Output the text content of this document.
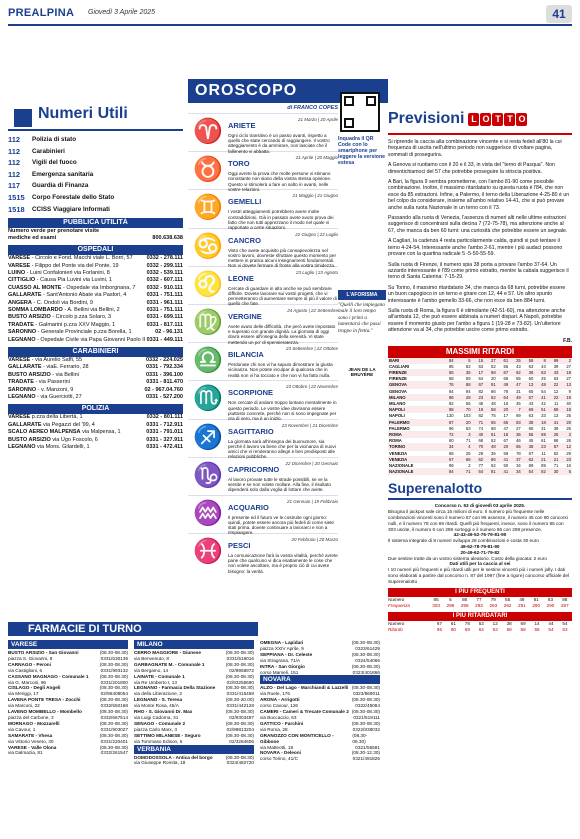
PREALPINA Giovedì 3 Aprile 2025	41
OROSCOPO
Numeri Utili
112	Polizia di stato
112	Carabinieri
112	Vigili del fuoco
112	Emergenza sanitaria
117	Guardia di Finanza
1515	Corpo Forestale dello Stato
1518	CCISS Viaggiare Informati
PUBBLICA UTILITÀ
Numero verde per prenotare visite mediche ed esami	800.638.638
OSPEDALI
VARESE - Circolo e Fond. Macchi viale L. Borri, 57	0332 - 278.111
VARESE - Filippo del Ponte via del Ponte, 19	0332 - 299.111
LUINO - Luini Confalonieri via Forlanini, 8	0332 - 539.111
CITTIGLIO - Causa Pia Luvini via Luvini, 1	0332 - 607.111
CUASSO AL MONTE - Ospedale via Imborgnana, 7 0332 - 910.111
GALLARATE - Sant'Antonio Abate via Pastori, 4	0331 - 751.111
ANGERA - C. Ondoli via Bordini, 9	0331 - 961.111
SOMMA LOMBARDO - A. Bellini via Bellini, 2	0331 - 751.111
BUSTO ARSIZIO - Circolo p.zza Solaro, 3	0331 - 699.111
TRADATE - Galmarini p.zza XXV Maggio, 1	0331 - 817.111
SARONNO - Generale Provinciale p.zza Borella, 1	02 - 96.131
LEGNANO - Ospedale Civile via Papa Giovanni Paolo II 0331 - 449.111
CARABINIERI
VARESE - via Aurelio Saffi, 55	0332 - 224.025
GALLARATE - viaE. Ferrario, 28	0331 - 792.334
BUSTO ARSIZIO - via Bellini	0331 - 396.100
TRADATE - via Passerini	0331 - 811.470
SARONNO - v. Manzoni, 9	02 - 967.04.760
LEGNANO - via Guerciotti, 27	0331 - 527.200
POLIZIA
VARESE p.zza della Libertà, 1	0332 - 801.111
GALLARATE via Pegazzi del '99, 4	0331 - 712.911
SCALO AEREO MALPENSA via Malpensa, 1	0331 - 791.011
BUSTO ARSIZIO via Ugo Foscolo, 6	0331 - 327.911
LEGNANO via Mons. Gilardelli, 1	0331 - 472.411
di FRANCO COPES
♈ ARIETE
21 Marzo | 20 Aprile
Ogni ciclo transitivo è un passo avanti, rispetto a quello che state cercando di raggiungere. Il vostro atteggiamento è da ammirare, non lasciate che il fallimento vi abbatta.
♉ TORO
21 Aprile | 20 Maggio
Oggi avrete la prova che molte persone vi stimano nonostante non siano della vostra stessa opinione. Questo vi stimolerà a fare un salto in avanti, nelle vostre relazioni.
♊ GEMELLI
21 Maggio | 21 Giugno
I vostri atteggiamenti potrebbero avere molte contraddizioni. Già in passato avete avuto prova dei fatto che non tutti apprezzano il modo nel quale vi rapportate a certe situazioni.
♋ CANCRO
22 Giugno | 22 Luglio
Visto che avete acquisito più consapevolezza nel vostro lavoro, dovreste sfruttare questo momento per mettere in pratica alcuni insegnamenti fondamentali. Non vi dovete fermare di fronte alla vostra timidezza.
♌ LEONE
23 Luglio | 23 Agosto
Cercate di guardare in alto anche se può sembrare difficile. Dovete lavorare sui vostri progetti, che vi permetteranno di aumentare sempre di più il valore di quello che fate.
♍ VERGINE
24 Agosto | 22 Settembre
Avete avuto delle difficoltà, che però avete impostato e superato con grande dignità. La giornata di oggi dovrà essere all'insegna della serenità. Vi state mettendo un po' di spensieratezza.
♎ BILANCIA
23 Settembre | 22 Ottobre
Perdonate chi non vi ha saputo dimostrare la giusta vicinanza. Non potete inculpar di qualcosa che in realtà non vi ha toccato e che non vi ha fatto nulla.
♏ SCORPIONE
23 Ottobre | 22 Novembre
Non cercate di andare troppo lontano mentalmente in questo periodo. Le vostre idee dovranno essere piuttosto concrete, perché non si sono impegnate per ora di vero, ma è un inizio.
♐ SAGITTARIO
23 Novembre | 21 Dicembre
La giornata sarà all'insegna dei buonumore, sia perché il lavoro va bene che per la vicinanza di nuovi amici che vi renderanno allegri e ben predisposti alle relazioni pubbliche.
♑ CAPRICORNO
22 Dicembre | 20 Gennaio
Al lavoro provate tutte le strade possibili, se ve la sentite e se non volete mollare. Alla fine, il risultato dipenderà solo dalla voglia di lottare che avete.
♒ ACQUARIO
21 Gennaio | 19 Febbraio
Il presente ed il futuro ve le costruite ogni giorno: quindi, potete essere ancora più fedeli di come siete stati prima, dovete continuare a lavorarci e non a rimpiangere.
♓ PESCI
20 Febbraio | 20 Marzo
La comunicazione farà la vostra vitalità, perché avrete pane che qualcuno vi dica esattamente le cose che non volete ascoltare, ma è proprio ciò di cui avete bisogno: la verità.
Inquadra il QR Code con lo smartphone per leggere la versione estesa
L'AFORISMA
"Quelli che impiegano male il loro tempo sono i primi a lamentarsi che passi troppo in fretta."
JEAN DE LA BRUYÈRE
FARMACIE DI TURNO
VARESE
BUSTO ARSIZIO - San Giovanni	(08.30-08.30)
piazza S. Giovanni, 8	0331/630139
CARNAGO - Peroni	(08.30-08.30)
via Castiglioni, 6	0331/993132
CASSANO MAGNAGO - Comunale 1 (08.30-08.30)
via G. Marconi, 96	0331/201800
CISLAGO - Degli Angeli	(08.30-08.30)
via Meriggi, 17	02/96408054
LAVENA PONTE TRESA - Zocchi	(08.30-08.30)
via Marconi, 22	0332/550168
LAVENO MOMBELLO - Mombello	(08.30-08.30)
piazza del Carbone, 3	0332/667514
MORNAGO - Mozzarelli	(08.30-08.30)
via Cavour, 1	0331/903027
SAMARATE - Vhesa	(08.30-08.30)
via Vittorio Veneto, 30	0331/220401
VARESE - Valle Olona	(08.30-08.30)
via Dalmazia, 81	0332/261547
MILANO
CERRO MAGGIORE - Giunese	(08.30-08.30)
via Benvenuto, 8	0331/519016
GARBAGNATE M. - Comunale 1	(08.30-08.30)
via Bergamo, 14	02/9958972
LAINATE - Comunale 1	(08.30-08.30)
via Re Umberto I, 13	02/93255690
LEGNANO - Farmacia Della Stazione (08.30-08.30)
via della Liberazione, 2	0331/415468
LEGNANO - S. Teresa	(08.30-20.00)
via Monte Rosa, 45/A	0331/442128
RHO - S. Giovanni Dr. Max	(08.30-08.30)
via Luigi Cadorna, 31	02/9303497
SENAGO - Comunale 2	(08.30-08.30)
piazza Carlo Marx, 3	02/99813204
SETTIMO MILANESE - Seguro	(08.30-08.30)
via Tommaso Edison, 6	02/3284606
VERBANIA
DOMODOSSOLA - Antica del borgo	(08.30-08.30)
via Giuseppe Romita, 18	0324/482720
OMEGNA - Lapidari	(08.30-08.30)
piazza XXIV Aprile, 9	0323/61429
SEPPIANA - Dr. Celeste	(08.30-08.30)
via Stragrana, 71/A	0324/54066
INTRA - San Giorgio	(08.30-08.30)
corso Mameli, 151	0323/401866
NOVARA
ALZO - Del Lago - Marchiandi & Lazzelli (08.30-08.30)
via Ruele, 176	0323/869011
ARONA - Arrigotti	(08.30-08.30)
corso Cavour, 126	0322/45084
CAMERI - Cameri & Trecate Comunale 2 (08.30-08.30)
via Boccaccio, 63	0321/519111
GATTICO - Farchini	(08.30-08.30)
via Roma, 28	0322/838032
GRANOZZO CON MONTICELLO - Gibbone
(08.30-08.30)
via Matteotti, 18	0321/55581
NOVARA - Deleoni	(08.30-12.30)
corso Torino, 41/C	0321/491825
Previsioni L O T T O

Si riprende la caccia alla combinazione vincente e si resta fedeli all'80 la cui frequenza di uscita nell'ultimo periodo non suggerisce di voltare pagina, sommati di prosegurira.

A Genova si ruotiamo con il 20 e il 33, in vista del "terno di Pasqua". Non dimentichiamoci del 57 che potrebbe proseguire la striscia positiva.

A Bari, la figura 9 sembra prometterne, con l'ambo 81-90 come possibile combinazione. Inoltre, il massimo ritardatario su questa ruota è l'84, che non esce da 85 estrazioni. Infine, a Palermo, il terno della Liberazione 4-25-80 è un bel colpo da considerare, insieme all'ambo relativo 14-41, che si può provare anche sulla ruota Nazionale in un terno con il 73.

Passando alla ruota di Venezia, l'assenza di numeri alti nelle ultime estrazioni suggerisce di concentrarsi sulla decina 7 (72-75-78), ma attenzione anche al 67, che manca da ben 60 turni: una curiosità che potrebbe essere un segnale.

A Cagliari, la cadenza 4 resta particolarmente calda, quindi si può tentare il terno 4-24-54. Interessante anche l'ambo 2-61, mentre i più audaci possono provare con la quartina radicale 5 -5-50-55-59.

Sulla ruota di Firenze, il numero spia 38 porta a provare l'ambo 37-64. Un azzardo interessante è l'89 come primo estratto, mentre la cabala suggerisce il terno di Santa Caterina: 7-15-29.

Su Torino, il massimo ritardatario 34, che manca da 68 turni, potrebbe essere un buon capogioco in un terno e girare con 12, 44 e 57. Un altro spunto interessante è l'ambo gemello 33-66, che non esce da ben 884 turni.

Sulla ruota di Roma, la figura 6 è stimolante (42-51-60), ma attenzione anche all'ambata 12, che può essere abbinata a numeri dispari. A Napoli, potrebbe essere il momento giusto per l'ambo a figura 1 (19-28 e 73-82). Un'ulteriore attenzione va al 34, che potrebbe uscire come primo estratto.

F.B.
MASSIMI RITARDI
BARI	84	5	15	27	61	25	58	8	99	2
CAGLIARI	85	82	63	52	55	43	63	43	39	27
FIRENZE	55	35	17	58	67	62	36	63	43	18
FIRENZE	58	59	64	20	66	55	60	25	63	27
GENOVA	76	88	67	91	49	47	13	48	22	13
GENOVA	84	94	82	86	78	31	65	54	12	9
MILANO	86	28	23	62	64	49	57	41	22	19
MILANO	82	56	46	48	16	45	43	42	11	40
NAPOLI	88	70	19	58	20	7	69	51	69	18
NAPOLI	130	103	82	75	17	69	63	33	13	25
PALERMO	87	20	71	55	65	83	38	18	41	20
PALERMO	96	63	74	68	47	27	65	31	39	25
ROMA	72	3	40	61	18	35	56	69	25	3
ROMA	60	71	68	52	67	46	45	61	66	26
TORINO	34	4	70	48	20	65	38	23	67	12
VENEZIA	68	25	29	36	59	78	67	11	62	29
VENEZIA	67	66	62	86	41	37	62	21	21	23
NAZIONALE	89	2	77	62	50	34	89	89	71	16
NAZIONALE	84	71	64	81	41	34	54	82	30	5
Superenalotto
Concorso n. 53 di giovedì 03 aprile 2025.
Bisogna il jackpot sale circa 15 milioni di euro. Il numero più frequente nelle combinazioni vincenti sono il numero 67 con 96 assenze, il numero 45 con 80 concorsi nulli, e il numero 78 con 69 ritardi. Quelli più frequenti, invece, sono il numero 85 con 303 uscite, il numero 6 con 298 sorteggi e il numero 86 con 298 presenze.
42-43-49-52-76-79-81-90
Il sistema integrale di 8 numeri sviluppa 28 combinazioni e costa 30 euro
49-62-78-79-81-90
20-49-62-71-79-82
Due sestine tratte da un vostro sistema aleatorio. Costo della giocata: 2 euro
Dati utili per la caccia al sei
I 10 numeri più frequenti e più ritardi utili per le sestine vincenti più i numeri jolly. I dati sono elaborati a partire dal concorso n. 87 del 1997 (fine a rigore) concorso ufficiale del Superenalotto
I PIÙ FREQUENTI
Numero	85	6	86	77	79	55	49	81	63	88
Frequenza	303	298	298	293	293	292	291	290	290	287
I PIÙ RITARDATARI
Numero	67	61	78	53	12	38	69	14	44	54
Ritardo	96	80	69	64	63	59	58	58	54	53
